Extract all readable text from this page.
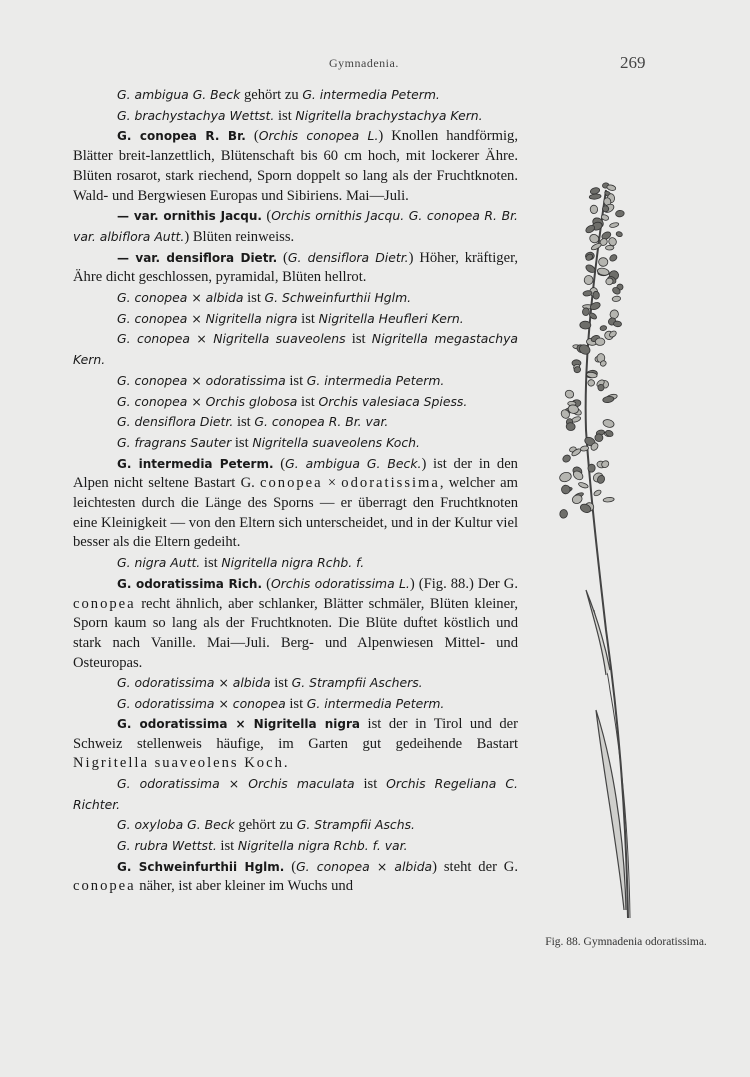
Gymnadenia.	269

G. ambigua G. Beck gehört zu G. intermedia Peterm.

G. brachystachya Wettst. ist Nigritella brachystachya Kern.

G. conopea R. Br. (Orchis conopea L.) Knollen handförmig, Blätter breit-lanzettlich, Blütenschaft bis 60 cm hoch, mit lockerer Ähre. Blüten rosarot, stark riechend, Sporn doppelt so lang als der Fruchtknoten. Wald- und Bergwiesen Europas und Sibiriens. Mai—Juli.

— var. ornithis Jacqu. (Orchis ornithis Jacqu. G. conopea R. Br. var. albiflora Autt.) Blüten reinweiss.

— var. densiflora Dietr. (G. densiflora Dietr.) Höher, kräftiger, Ähre dicht geschlossen, pyramidal, Blüten hellrot.

G. conopea × albida ist G. Schweinfurthii Hglm.

G. conopea × Nigritella nigra ist Nigritella Heufleri Kern.

G. conopea × Nigritella suaveolens ist Nigritella megastachya Kern.

G. conopea × odoratissima ist G. intermedia Peterm.

G. conopea × Orchis globosa ist Orchis valesiaca Spiess.

G. densiflora Dietr. ist G. conopea R. Br. var.

G. fragrans Sauter ist Nigritella suaveolens Koch.

G. intermedia Peterm. (G. ambigua G. Beck.) ist der in den Alpen nicht seltene Bastart G. conopea × odoratissima, welcher am leichtesten durch die Länge des Sporns — er überragt den Fruchtknoten eine Kleinigkeit — von den Eltern sich unterscheidet, und in der Kultur viel besser als die Eltern gedeiht.

G. nigra Autt. ist Nigritella nigra Rchb. f.

G. odoratissima Rich. (Orchis odoratissima L.) (Fig. 88.) Der G. conopea recht ähnlich, aber schlanker, Blätter schmäler, Blüten kleiner, Sporn kaum so lang als der Fruchtknoten. Die Blüte duftet köstlich und stark nach Vanille. Mai—Juli. Berg- und Alpenwiesen Mittel- und Osteuropas.

G. odoratissima × albida ist G. Strampfii Aschers.

G. odoratissima × conopea ist G. intermedia Peterm.

G. odoratissima × Nigritella nigra ist der in Tirol und der Schweiz stellenweis häufige, im Garten gut gedeihende Bastart Nigritella suaveolens Koch.

G. odoratissima × Orchis maculata ist Orchis Regeliana C. Richter.

G. oxyloba G. Beck gehört zu G. Strampfii Aschs.

G. rubra Wettst. ist Nigritella nigra Rchb. f. var.

G. Schweinfurthii Hglm. (G. conopea × albida) steht der G. conopea näher, ist aber kleiner im Wuchs und

Fig. 88. Gymnadenia odoratissima.
